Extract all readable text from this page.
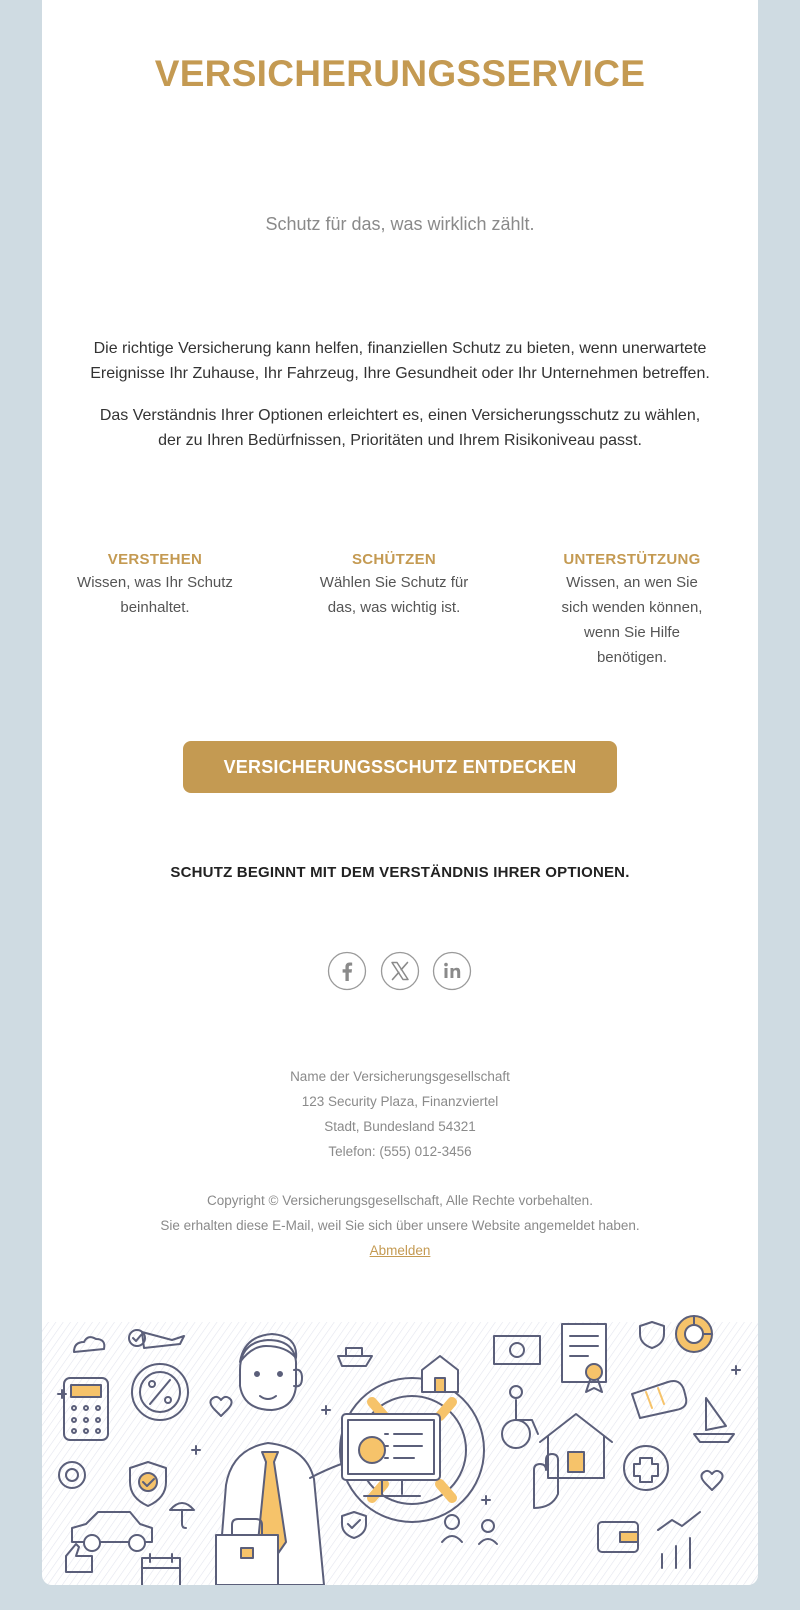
VERSICHERUNGSSERVICE

Schutz für das, was wirklich zählt.

Die richtige Versicherung kann helfen, finanziellen Schutz zu bieten, wenn unerwartete
Ereignisse Ihr Zuhause, Ihr Fahrzeug, Ihre Gesundheit oder Ihr Unternehmen betreffen.

Das Verständnis Ihrer Optionen erleichtert es, einen Versicherungsschutz zu wählen,
der zu Ihren Bedürfnissen, Prioritäten und Ihrem Risikoniveau passt.

VERSTEHEN

Wissen, was Ihr Schutz
beinhaltet.

SCHÜTZEN

Wählen Sie Schutz für
das, was wichtig ist.

UNTERSTÜTZUNG

Wissen, an wen Sie
sich wenden können,
wenn Sie Hilfe
benötigen.

VERSICHERUNGSSCHUTZ ENTDECKEN

SCHUTZ BEGINNT MIT DEM VERSTÄNDNIS IHRER OPTIONEN.

Name der Versicherungsgesellschaft
123 Security Plaza, Finanzviertel
Stadt, Bundesland 54321
Telefon: (555) 012-3456

Copyright © Versicherungsgesellschaft, Alle Rechte vorbehalten.
Sie erhalten diese E-Mail, weil Sie sich über unsere Website angemeldet haben.
Abmelden
